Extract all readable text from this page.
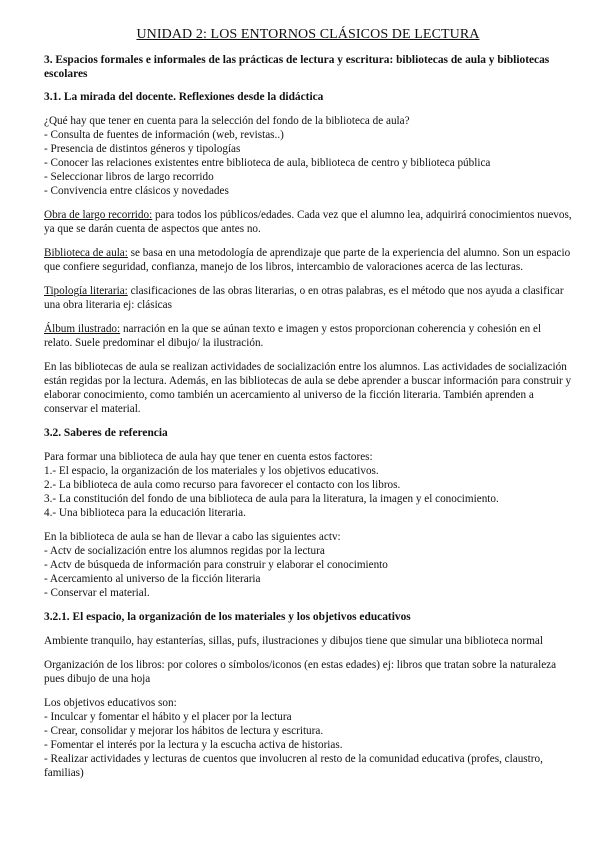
UNIDAD 2: LOS ENTORNOS CLÁSICOS DE LECTURA
3. Espacios formales e informales de las prácticas de lectura y escritura: bibliotecas de aula y bibliotecas escolares
3.1. La mirada del docente. Reflexiones desde la didáctica
¿Qué hay que tener en cuenta para la selección del fondo de la biblioteca de aula?
- Consulta de fuentes de información (web, revistas..)
- Presencia de distintos géneros y tipologías
- Conocer las relaciones existentes entre biblioteca de aula, biblioteca de centro y biblioteca pública
- Seleccionar libros de largo recorrido
- Convivencia entre clásicos y novedades

Obra de largo recorrido: para todos los públicos/edades. Cada vez que el alumno lea, adquirirá conocimientos nuevos, ya que se darán cuenta de aspectos que antes no.

Biblioteca de aula: se basa en una metodología de aprendizaje que parte de la experiencia del alumno. Son un espacio que confiere seguridad, confianza, manejo de los libros, intercambio de valoraciones acerca de las lecturas.

Tipología literaria: clasificaciones de las obras literarias, o en otras palabras, es el método que nos ayuda a clasificar una obra literaria ej: clásicas

Álbum ilustrado: narración en la que se aúnan texto e imagen y estos proporcionan coherencia y cohesión en el relato. Suele predominar el dibujo/ la ilustración.

En las bibliotecas de aula se realizan actividades de socialización entre los alumnos. Las actividades de socialización están regidas por la lectura. Además, en las bibliotecas de aula se debe aprender a buscar información para construir y elaborar conocimiento, como también un acercamiento al universo de la ficción literaria. También aprenden a conservar el material.

3.2. Saberes de referencia
Para formar una biblioteca de aula hay que tener en cuenta estos factores:
1.- El espacio, la organización de los materiales y los objetivos educativos.
2.- La biblioteca de aula como recurso para favorecer el contacto con los libros.
3.- La constitución del fondo de una biblioteca de aula para la literatura, la imagen y el conocimiento.
4.- Una biblioteca para la educación literaria.
En la biblioteca de aula se han de llevar a cabo las siguientes actv:
- Actv de socialización entre los alumnos regidas por la lectura
- Actv de búsqueda de información para construir y elaborar el conocimiento
- Acercamiento al universo de la ficción literaria
- Conservar el material.
3.2.1. El espacio, la organización de los materiales y los objetivos educativos

Ambiente tranquilo, hay estanterías, sillas, pufs, ilustraciones y dibujos tiene que simular una biblioteca normal

Organización de los libros: por colores o símbolos/iconos (en estas edades) ej: libros que tratan sobre la naturaleza pues dibujo de una hoja

Los objetivos educativos son:
- Inculcar y fomentar el hábito y el placer por la lectura
- Crear, consolidar y mejorar los hábitos de lectura y escritura.
- Fomentar el interés por la lectura y la escucha activa de historias.
- Realizar actividades y lecturas de cuentos que involucren al resto de la comunidad educativa (profes, claustro, familias)
